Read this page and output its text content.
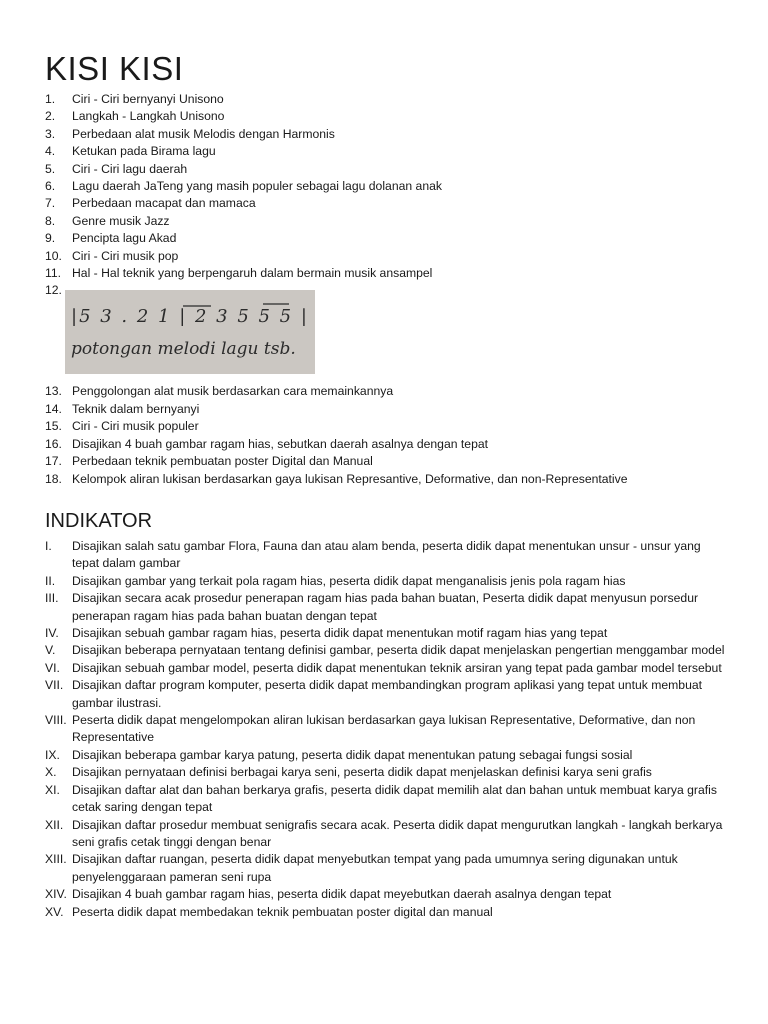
KISI KISI
1. Ciri - Ciri bernyanyi Unisono
2. Langkah - Langkah Unisono
3. Perbedaan alat musik Melodis dengan Harmonis
4. Ketukan pada Birama lagu
5. Ciri - Ciri lagu daerah
6. Lagu daerah JaTeng yang masih populer sebagai lagu dolanan anak
7. Perbedaan macapat dan mamaca
8. Genre musik Jazz
9. Pencipta lagu Akad
10. Ciri - Ciri musik pop
11. Hal - Hal teknik yang berpengaruh dalam bermain musik ansampel
12.
|5 3 . 2 1 | 2 3 5 5 5 |
potongan melodi lagu tsb.
13. Penggolongan alat musik berdasarkan cara memainkannya
14. Teknik dalam bernyanyi
15. Ciri - Ciri musik populer
16. Disajikan 4 buah gambar ragam hias, sebutkan daerah asalnya dengan tepat
17. Perbedaan teknik pembuatan poster Digital dan Manual
18. Kelompok aliran lukisan berdasarkan gaya lukisan Represantive, Deformative, dan non-Representative
INDIKATOR
I. Disajikan salah satu gambar Flora, Fauna dan atau alam benda, peserta didik dapat menentukan unsur - unsur yang tepat dalam gambar
II. Disajikan gambar yang terkait pola ragam hias, peserta didik dapat menganalisis jenis pola ragam hias
III. Disajikan secara acak prosedur penerapan ragam hias pada bahan buatan, Peserta didik dapat menyusun porsedur penerapan ragam hias pada bahan buatan dengan tepat
IV. Disajikan sebuah gambar ragam hias, peserta didik dapat menentukan motif ragam hias yang tepat
V. Disajikan beberapa pernyataan tentang definisi gambar, peserta didik dapat menjelaskan pengertian menggambar model
VI. Disajikan sebuah gambar model, peserta didik dapat menentukan teknik arsiran yang tepat pada gambar model tersebut
VII. Disajikan daftar program komputer, peserta didik dapat membandingkan program aplikasi yang tepat untuk membuat gambar ilustrasi.
VIII. Peserta didik dapat mengelompokan aliran lukisan berdasarkan gaya lukisan Representative, Deformative, dan non Representative
IX. Disajikan beberapa gambar karya patung, peserta didik dapat menentukan patung sebagai fungsi sosial
X. Disajikan pernyataan definisi berbagai karya seni, peserta didik dapat menjelaskan definisi karya seni grafis
XI. Disajikan daftar alat dan bahan berkarya grafis, peserta didik dapat memilih alat dan bahan untuk membuat karya grafis cetak saring dengan tepat
XII. Disajikan daftar prosedur membuat senigrafis secara acak. Peserta didik dapat mengurutkan langkah - langkah berkarya seni grafis cetak tinggi dengan benar
XIII. Disajikan daftar ruangan, peserta didik dapat menyebutkan tempat yang pada umumnya sering digunakan untuk penyelenggaraan pameran seni rupa
XIV. Disajikan 4 buah gambar ragam hias, peserta didik dapat meyebutkan daerah asalnya dengan tepat
XV. Peserta didik dapat membedakan teknik pembuatan poster digital dan manual
